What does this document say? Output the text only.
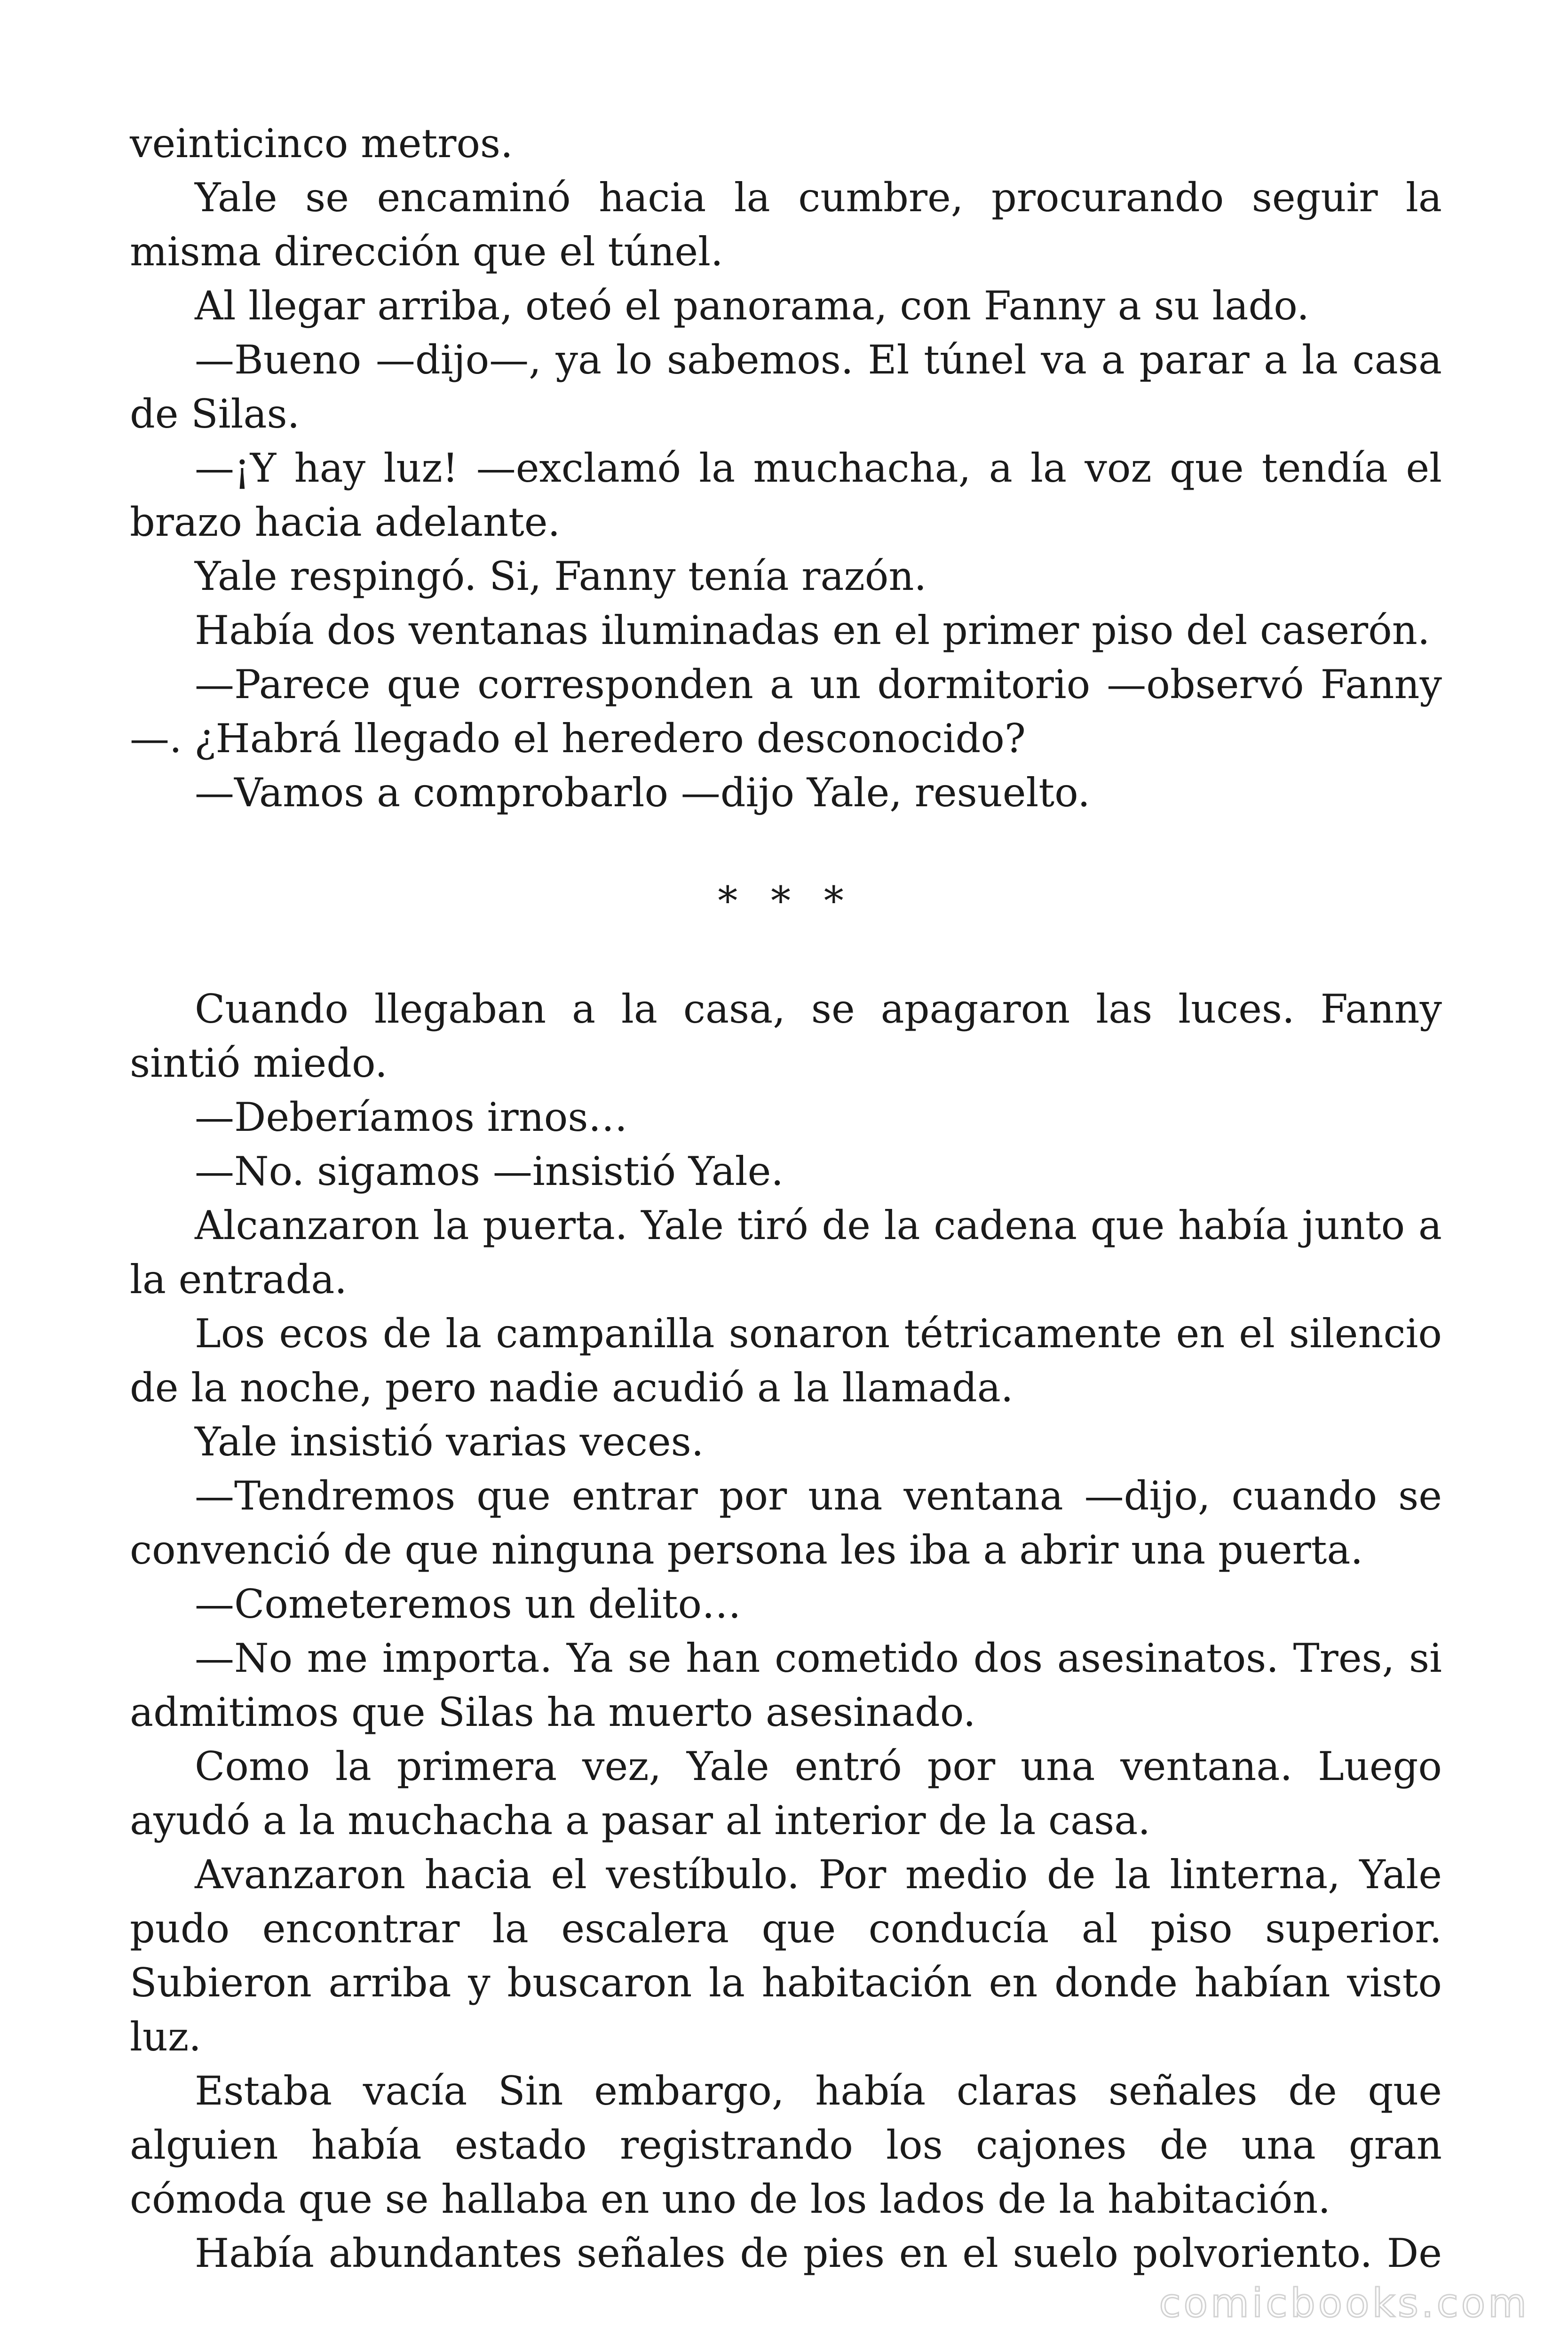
veinticinco metros.

Yale se encaminó hacia la cumbre, procurando seguir la misma dirección que el túnel.

Al llegar arriba, oteó el panorama, con Fanny a su lado.

—Bueno —dijo—, ya lo sabemos. El túnel va a parar a la casa de Silas.

—¡Y hay luz! —exclamó la muchacha, a la voz que tendía el brazo hacia adelante.

Yale respingó. Si, Fanny tenía razón.

Había dos ventanas iluminadas en el primer piso del caserón.

—Parece que corresponden a un dormitorio —observó Fanny—. ¿Habrá llegado el heredero desconocido?

—Vamos a comprobarlo —dijo Yale, resuelto.

* * *

Cuando llegaban a la casa, se apagaron las luces. Fanny sintió miedo.

—Deberíamos irnos…

—No. sigamos —insistió Yale.

Alcanzaron la puerta. Yale tiró de la cadena que había junto a la entrada.

Los ecos de la campanilla sonaron tétricamente en el silencio de la noche, pero nadie acudió a la llamada.

Yale insistió varias veces.

—Tendremos que entrar por una ventana —dijo, cuando se convenció de que ninguna persona les iba a abrir una puerta.

—Cometeremos un delito…

—No me importa. Ya se han cometido dos asesinatos. Tres, si admitimos que Silas ha muerto asesinado.

Como la primera vez, Yale entró por una ventana. Luego ayudó a la muchacha a pasar al interior de la casa.

Avanzaron hacia el vestíbulo. Por medio de la linterna, Yale pudo encontrar la escalera que conducía al piso superior. Subieron arriba y buscaron la habitación en donde habían visto luz.

Estaba vacía Sin embargo, había claras señales de que alguien había estado registrando los cajones de una gran cómoda que se hallaba en uno de los lados de la habitación.

Había abundantes señales de pies en el suelo polvoriento. De

comicbooks.com
